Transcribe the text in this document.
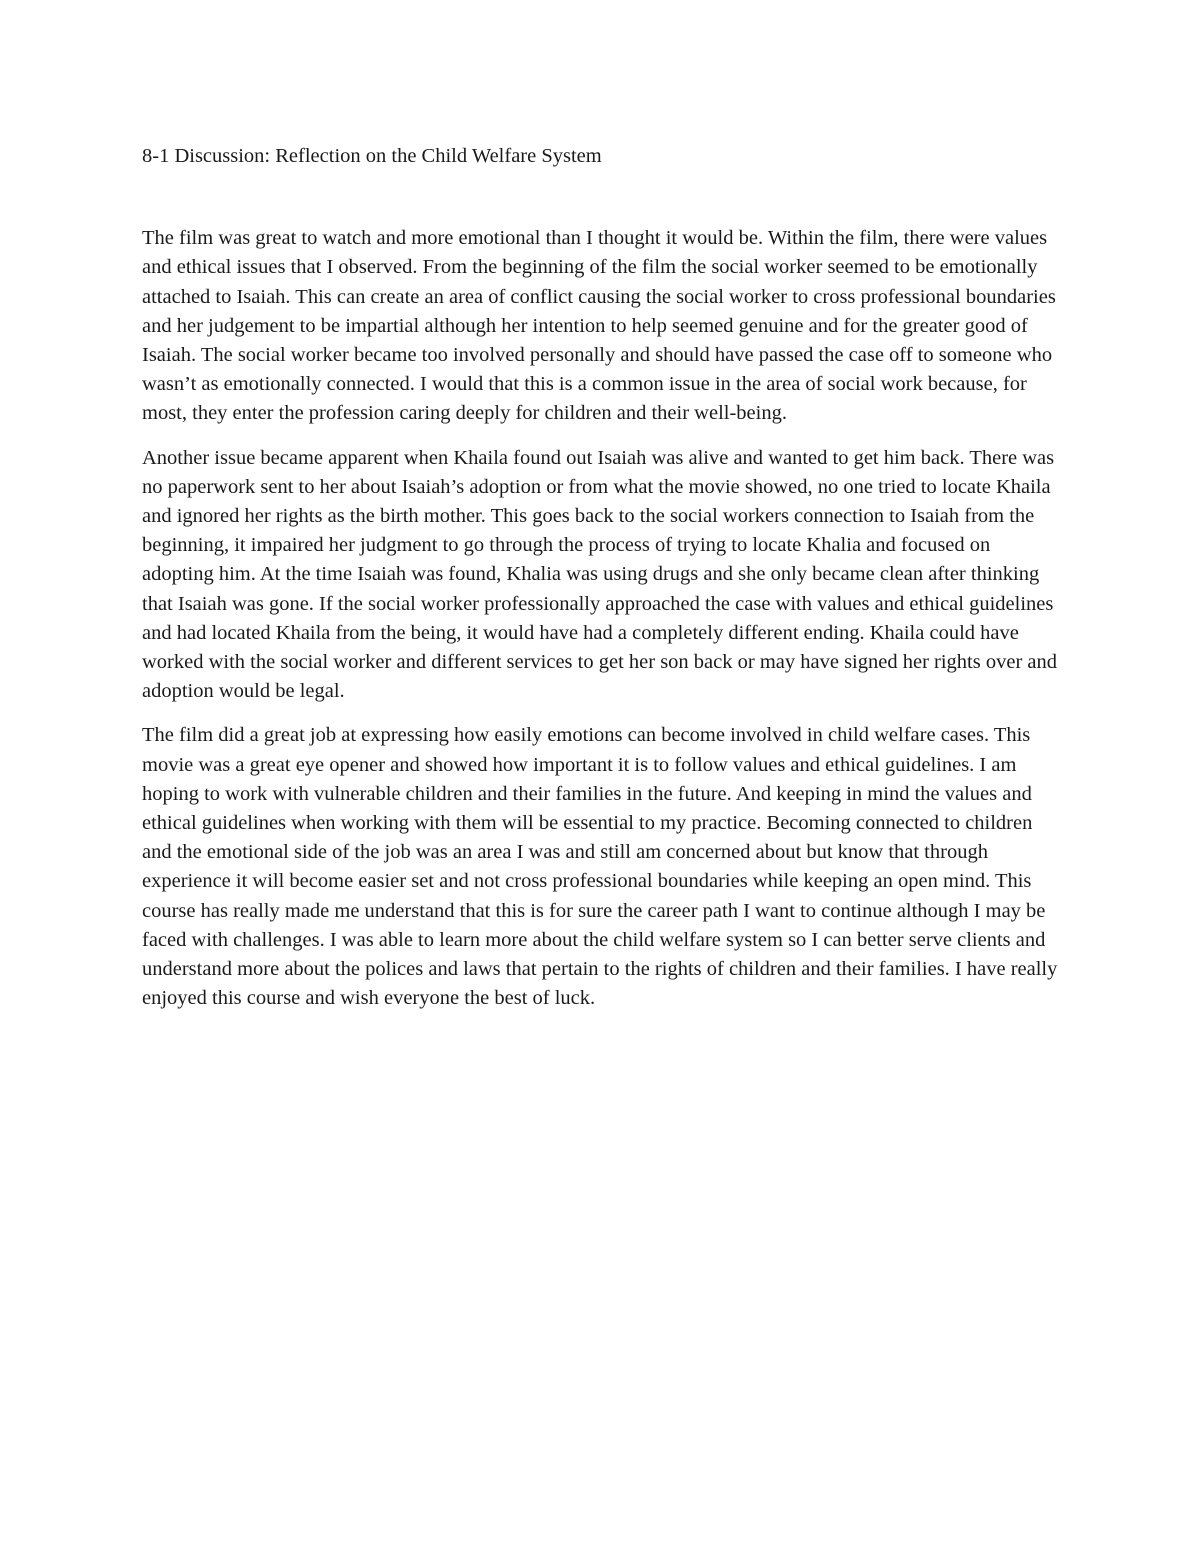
8-1 Discussion: Reflection on the Child Welfare System

The film was great to watch and more emotional than I thought it would be. Within the film, there were values and ethical issues that I observed. From the beginning of the film the social worker seemed to be emotionally attached to Isaiah. This can create an area of conflict causing the social worker to cross professional boundaries and her judgement to be impartial although her intention to help seemed genuine and for the greater good of Isaiah. The social worker became too involved personally and should have passed the case off to someone who wasn’t as emotionally connected. I would that this is a common issue in the area of social work because, for most, they enter the profession caring deeply for children and their well-being.

Another issue became apparent when Khaila found out Isaiah was alive and wanted to get him back. There was no paperwork sent to her about Isaiah’s adoption or from what the movie showed, no one tried to locate Khaila and ignored her rights as the birth mother. This goes back to the social workers connection to Isaiah from the beginning, it impaired her judgment to go through the process of trying to locate Khalia and focused on adopting him. At the time Isaiah was found, Khalia was using drugs and she only became clean after thinking that Isaiah was gone. If the social worker professionally approached the case with values and ethical guidelines and had located Khaila from the being, it would have had a completely different ending. Khaila could have worked with the social worker and different services to get her son back or may have signed her rights over and adoption would be legal.

The film did a great job at expressing how easily emotions can become involved in child welfare cases. This movie was a great eye opener and showed how important it is to follow values and ethical guidelines. I am hoping to work with vulnerable children and their families in the future. And keeping in mind the values and ethical guidelines when working with them will be essential to my practice. Becoming connected to children and the emotional side of the job was an area I was and still am concerned about but know that through experience it will become easier set and not cross professional boundaries while keeping an open mind. This course has really made me understand that this is for sure the career path I want to continue although I may be faced with challenges. I was able to learn more about the child welfare system so I can better serve clients and understand more about the polices and laws that pertain to the rights of children and their families. I have really enjoyed this course and wish everyone the best of luck.
